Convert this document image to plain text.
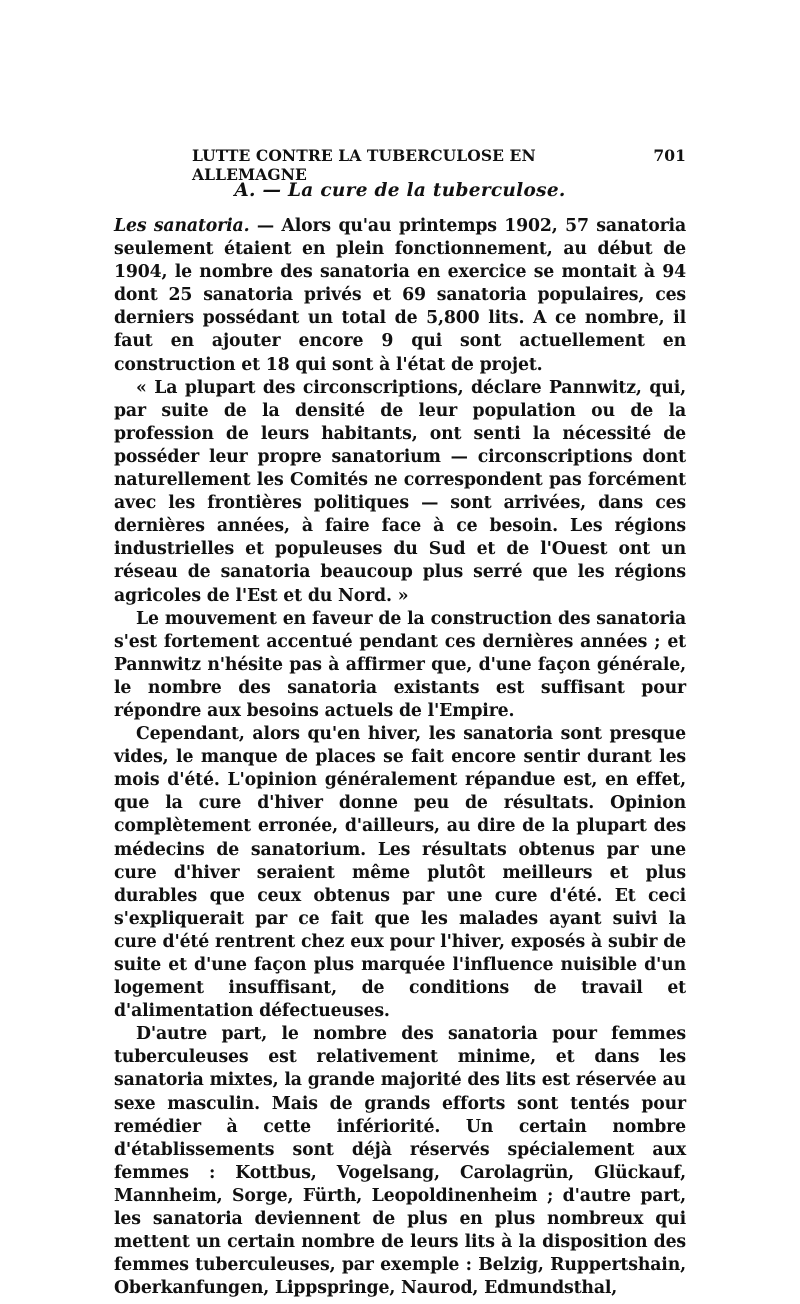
LUTTE CONTRE LA TUBERCULOSE EN ALLEMAGNE
701
A. — La cure de la tuberculose.

Les sanatoria. — Alors qu'au printemps 1902, 57 sanatoria seulement étaient en plein fonctionnement, au début de 1904, le nombre des sanatoria en exercice se montait à 94 dont 25 sanatoria privés et 69 sanatoria populaires, ces derniers possédant un total de 5,800 lits. A ce nombre, il faut en ajouter encore 9 qui sont actuellement en construction et 18 qui sont à l'état de projet.

« La plupart des circonscriptions, déclare Pannwitz, qui, par suite de la densité de leur population ou de la profession de leurs habitants, ont senti la nécessité de posséder leur propre sanatorium — circonscriptions dont naturellement les Comités ne correspondent pas forcément avec les frontières politiques — sont arrivées, dans ces dernières années, à faire face à ce besoin. Les régions industrielles et populeuses du Sud et de l'Ouest ont un réseau de sanatoria beaucoup plus serré que les régions agricoles de l'Est et du Nord. »

Le mouvement en faveur de la construction des sanatoria s'est fortement accentué pendant ces dernières années ; et Pannwitz n'hésite pas à affirmer que, d'une façon générale, le nombre des sanatoria existants est suffisant pour répondre aux besoins actuels de l'Empire.

Cependant, alors qu'en hiver, les sanatoria sont presque vides, le manque de places se fait encore sentir durant les mois d'été. L'opinion généralement répandue est, en effet, que la cure d'hiver donne peu de résultats. Opinion complètement erronée, d'ailleurs, au dire de la plupart des médecins de sanatorium. Les résultats obtenus par une cure d'hiver seraient même plutôt meilleurs et plus durables que ceux obtenus par une cure d'été. Et ceci s'expliquerait par ce fait que les malades ayant suivi la cure d'été rentrent chez eux pour l'hiver, exposés à subir de suite et d'une façon plus marquée l'influence nuisible d'un logement insuffisant, de conditions de travail et d'alimentation défectueuses.

D'autre part, le nombre des sanatoria pour femmes tuberculeuses est relativement minime, et dans les sanatoria mixtes, la grande majorité des lits est réservée au sexe masculin. Mais de grands efforts sont tentés pour remédier à cette infériorité. Un certain nombre d'établissements sont déjà réservés spécialement aux femmes : Kottbus, Vogelsang, Carolagrün, Glückauf, Mannheim, Sorge, Fürth, Leopoldinenheim ; d'autre part, les sanatoria deviennent de plus en plus nombreux qui mettent un certain nombre de leurs lits à la disposition des femmes tuberculeuses, par exemple : Belzig, Ruppertshain, Oberkanfungen, Lippspringe, Naurod, Edmundsthal,
